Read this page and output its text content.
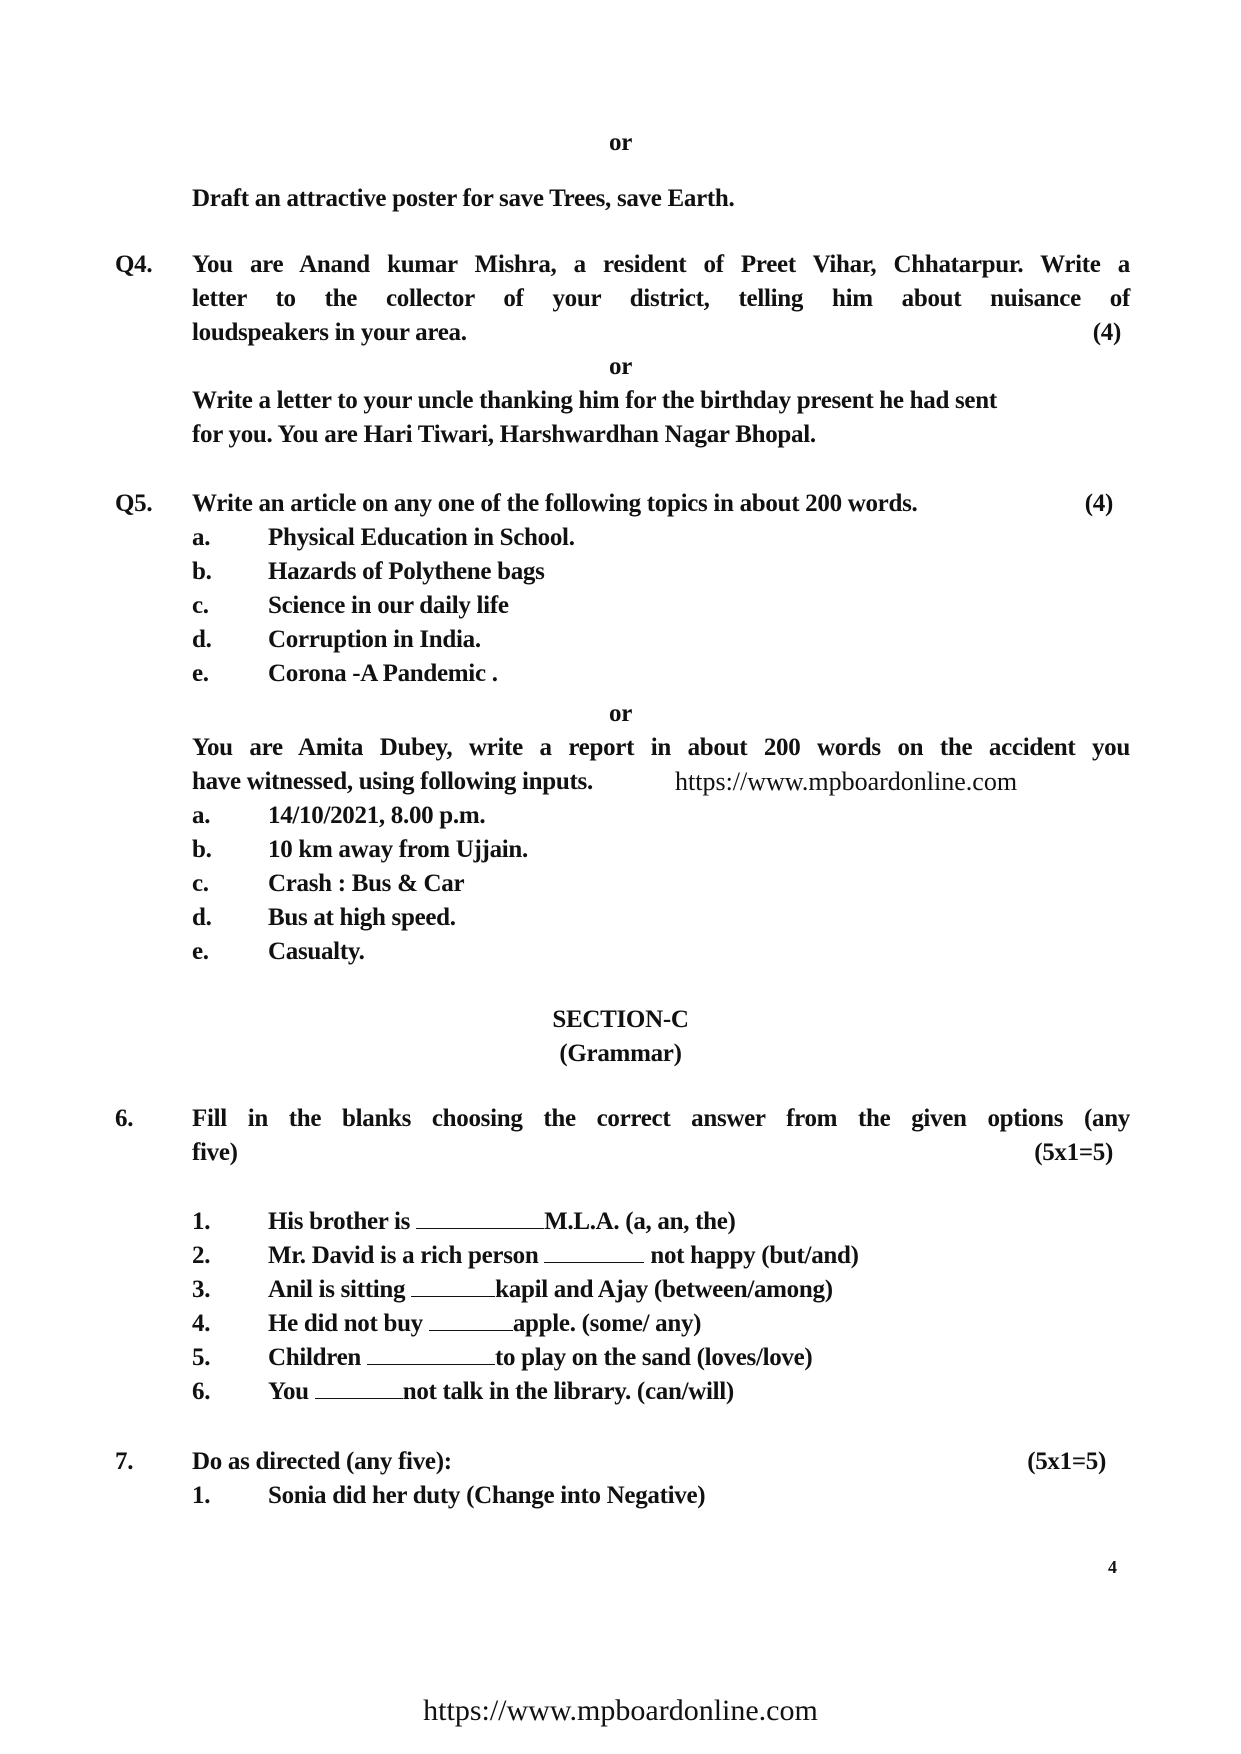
or
Draft an attractive poster for save Trees, save Earth.
Q4. You are Anand kumar Mishra, a resident of Preet Vihar, Chhatarpur. Write a
letter to the collector of your district, telling him about nuisance of
loudspeakers in your area.	(4)
or
Write a letter to your uncle thanking him for the birthday present he had sent
for you. You are Hari Tiwari, Harshwardhan Nagar Bhopal.
Q5. Write an article on any one of the following topics in about 200 words.	(4)
a. Physical Education in School.
b. Hazards of Polythene bags
c. Science in our daily life
d. Corruption in India.
e. Corona -A Pandemic .
or
You are Amita Dubey, write a report in about 200 words on the accident you
have witnessed, using following inputs.	https://www.mpboardonline.com
a. 14/10/2021, 8.00 p.m.
b. 10 km away from Ujjain.
c. Crash : Bus & Car
d. Bus at high speed.
e. Casualty.
SECTION-C
(Grammar)
6. Fill in the blanks choosing the correct answer from the given options (any
five)	(5x1=5)
1. His brother is	M.L.A. (a, an, the)
2. Mr. David is a rich person	not happy (but/and)
3. Anil is sitting	kapil and Ajay (between/among)
4. He did not buy	apple. (some/ any)
5. Children	to play on the sand (loves/love)
6. You	not talk in the library. (can/will)
7. Do as directed (any five):	(5x1=5)
1. Sonia did her duty (Change into Negative)
4
https://www.mpboardonline.com
